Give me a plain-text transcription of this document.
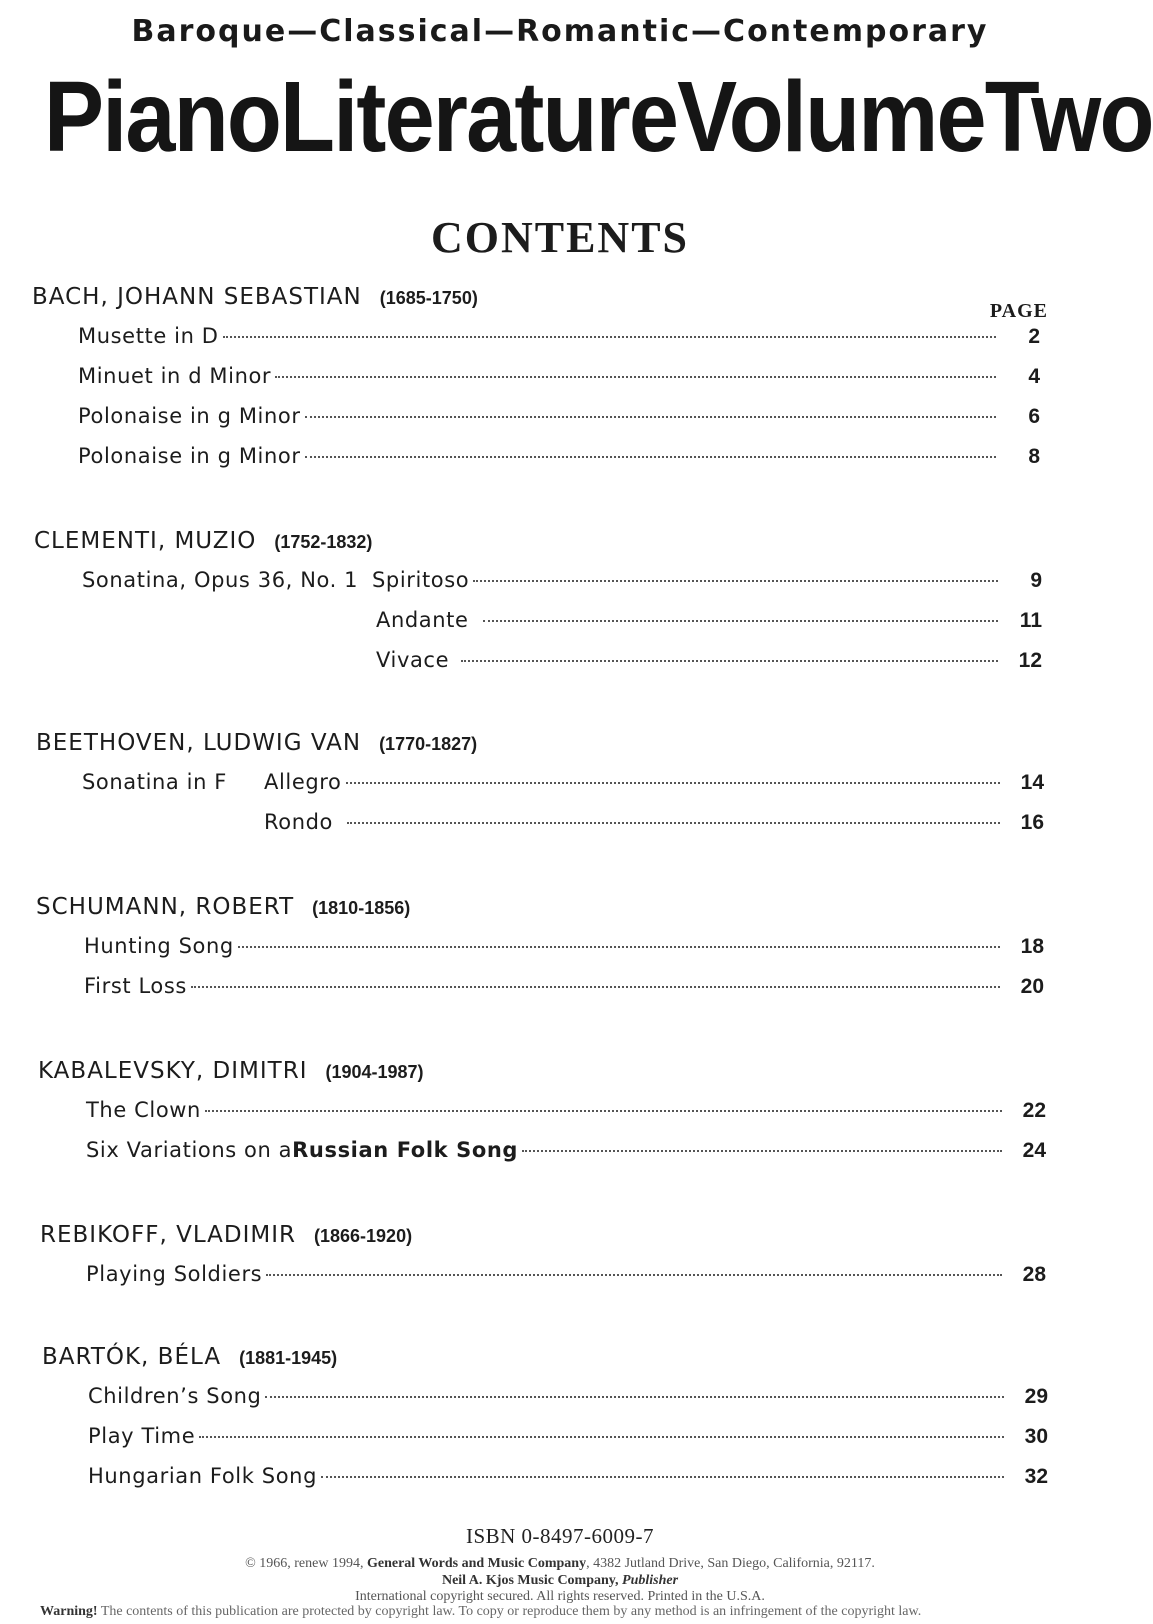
Baroque—Classical—Romantic—Contemporary
Piano Literature Volume Two
CONTENTS
PAGE
BACH, JOHANN SEBASTIAN (1685-1750)
Musette in D	2
Minuet in d Minor	4
Polonaise in g Minor	6
Polonaise in g Minor	8
CLEMENTI, MUZIO (1752-1832)
Sonatina, Opus 36, No. 1 Spiritoso	9
Andante	11
Vivace	12
BEETHOVEN, LUDWIG VAN (1770-1827)
Sonatina in F Allegro	14
Rondo	16
SCHUMANN, ROBERT (1810-1856)
Hunting Song	18
First Loss	20
KABALEVSKY, DIMITRI (1904-1987)
The Clown	22
Six Variations on a Russian Folk Song	24
REBIKOFF, VLADIMIR (1866-1920)
Playing Soldiers	28
BARTÓK, BÉLA (1881-1945)
Children’s Song	29
Play Time	30
Hungarian Folk Song	32
ISBN 0-8497-6009-7
© 1966, renew 1994, General Words and Music Company, 4382 Jutland Drive, San Diego, California, 92117.
Neil A. Kjos Music Company, Publisher
International copyright secured. All rights reserved. Printed in the U.S.A.
Warning! The contents of this publication are protected by copyright law. To copy or reproduce them by any method is an infringement of the copyright law.
